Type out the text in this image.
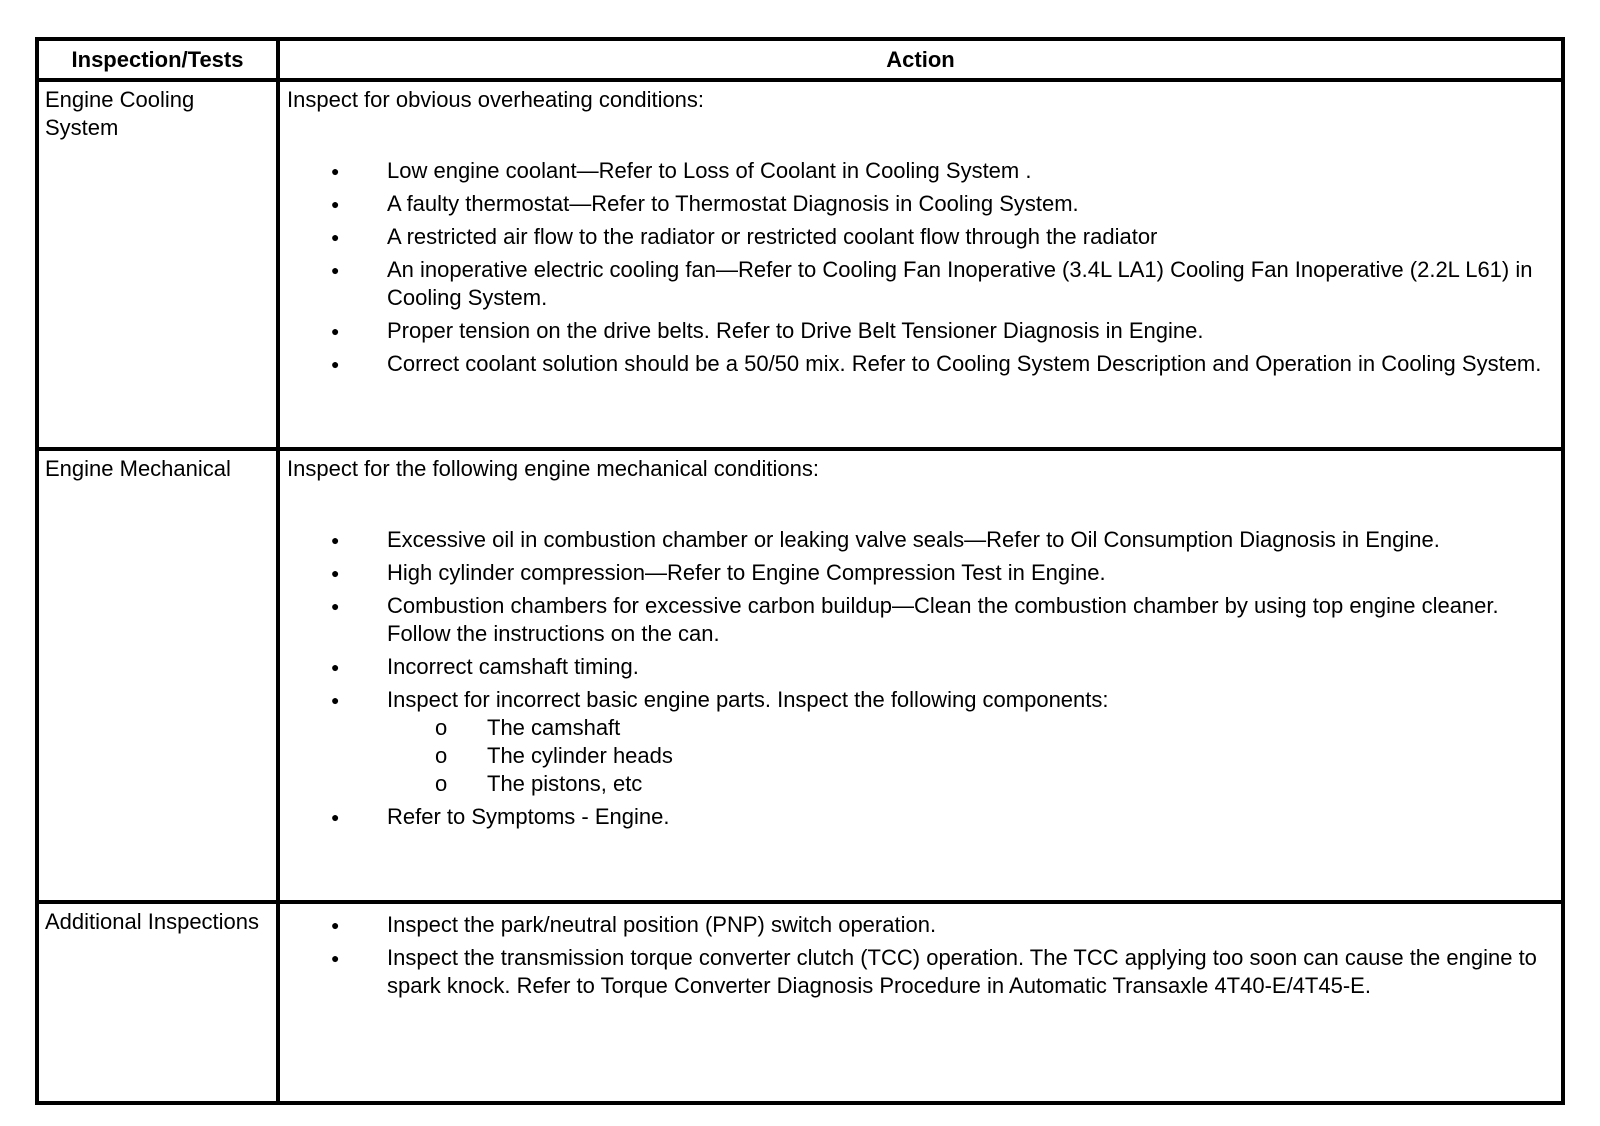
Inspection/Tests	Action
Engine Cooling System
Inspect for obvious overheating conditions:
● Low engine coolant—Refer to Loss of Coolant in Cooling System .
● A faulty thermostat—Refer to Thermostat Diagnosis in Cooling System.
● A restricted air flow to the radiator or restricted coolant flow through the radiator
● An inoperative electric cooling fan—Refer to Cooling Fan Inoperative (3.4L LA1) Cooling Fan Inoperative (2.2L L61) in Cooling System.
● Proper tension on the drive belts. Refer to Drive Belt Tensioner Diagnosis in Engine.
● Correct coolant solution should be a 50/50 mix. Refer to Cooling System Description and Operation in Cooling System.
Engine Mechanical	Inspect for the following engine mechanical conditions:
● Excessive oil in combustion chamber or leaking valve seals—Refer to Oil Consumption Diagnosis in Engine.
● High cylinder compression—Refer to Engine Compression Test in Engine.
● Combustion chambers for excessive carbon buildup—Clean the combustion chamber by using top engine cleaner. Follow the instructions on the can.
● Incorrect camshaft timing.
● Inspect for incorrect basic engine parts. Inspect the following components:
o The camshaft
o The cylinder heads
o The pistons, etc
● Refer to Symptoms - Engine.
Additional Inspections
●	Inspect the park/neutral position (PNP) switch operation.
● Inspect the transmission torque converter clutch (TCC) operation. The TCC applying too soon can cause the engine to spark knock. Refer to Torque Converter Diagnosis Procedure in Automatic Transaxle 4T40-E/4T45-E.
